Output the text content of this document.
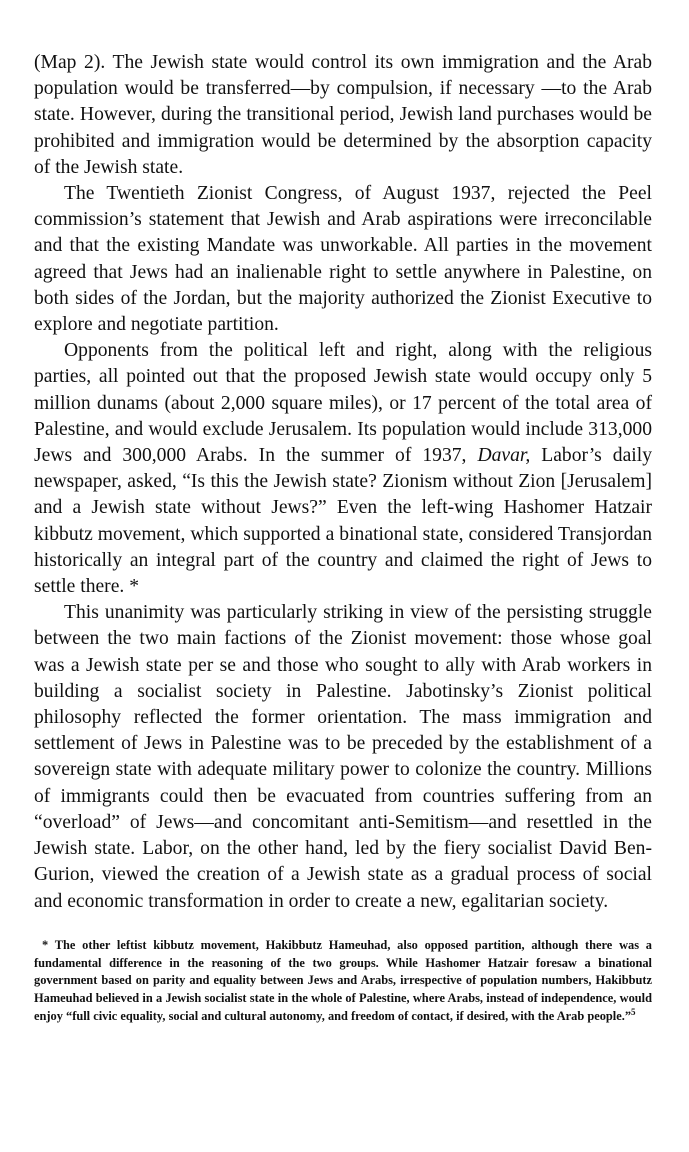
(Map 2). The Jewish state would control its own immigration and the Arab population would be transferred—by compulsion, if necessary —to the Arab state. However, during the transitional period, Jewish land purchases would be prohibited and immigration would be determined by the absorption capacity of the Jewish state.

The Twentieth Zionist Congress, of August 1937, rejected the Peel commission’s statement that Jewish and Arab aspirations were irreconcilable and that the existing Mandate was unworkable. All parties in the movement agreed that Jews had an inalienable right to settle anywhere in Palestine, on both sides of the Jordan, but the majority authorized the Zionist Executive to explore and negotiate partition.

Opponents from the political left and right, along with the religious parties, all pointed out that the proposed Jewish state would occupy only 5 million dunams (about 2,000 square miles), or 17 percent of the total area of Palestine, and would exclude Jerusalem. Its population would include 313,000 Jews and 300,000 Arabs. In the summer of 1937, Davar, Labor’s daily newspaper, asked, “Is this the Jewish state? Zionism without Zion [Jerusalem] and a Jewish state without Jews?” Even the left-wing Hashomer Hatzair kibbutz movement, which supported a binational state, considered Transjordan historically an integral part of the country and claimed the right of Jews to settle there. *

This unanimity was particularly striking in view of the persisting struggle between the two main factions of the Zionist movement: those whose goal was a Jewish state per se and those who sought to ally with Arab workers in building a socialist society in Palestine. Jabotinsky’s Zionist political philosophy reflected the former orientation. The mass immigration and settlement of Jews in Palestine was to be preceded by the establishment of a sovereign state with adequate military power to colonize the country. Millions of immigrants could then be evacuated from countries suffering from an “overload” of Jews—and concomitant anti-Semitism—and resettled in the Jewish state. Labor, on the other hand, led by the fiery socialist David Ben-Gurion, viewed the creation of a Jewish state as a gradual process of social and economic transformation in order to create a new, egalitarian society.

* The other leftist kibbutz movement, Hakibbutz Hameuhad, also opposed partition, although there was a fundamental difference in the reasoning of the two groups. While Hashomer Hatzair foresaw a binational government based on parity and equality between Jews and Arabs, irrespective of population numbers, Hakibbutz Hameuhad believed in a Jewish socialist state in the whole of Palestine, where Arabs, instead of independence, would enjoy “full civic equality, social and cultural autonomy, and freedom of contact, if desired, with the Arab people.”$^5$
